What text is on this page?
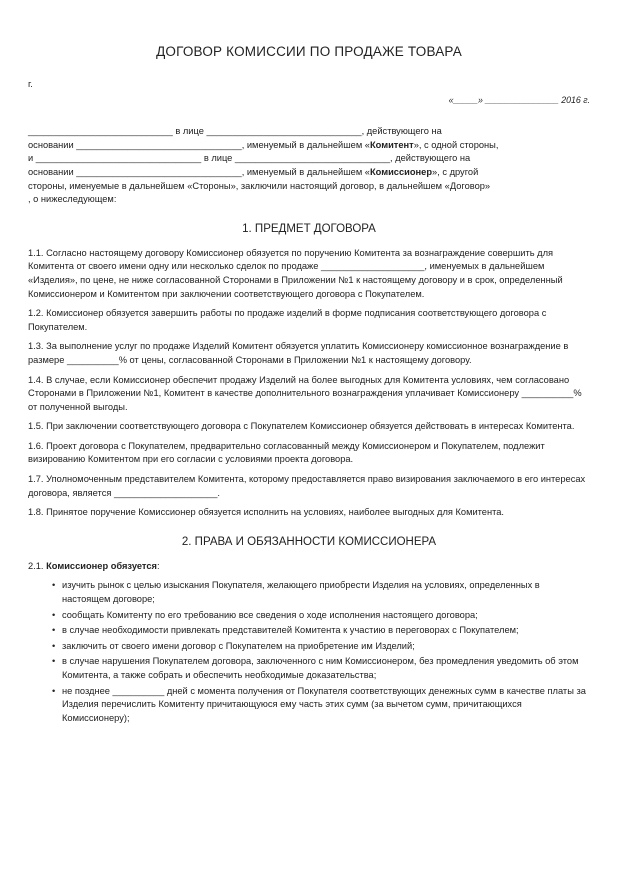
ДОГОВОР КОМИССИИ ПО ПРОДАЖЕ ТОВАРА
г.
«_____» _______________ 2016 г.

____________________________ в лице ______________________________, действующего на

основании ________________________________, именуемый в дальнейшем «Комитент», с одной стороны,

и ________________________________ в лице ______________________________, действующего на

основании ________________________________, именуемый в дальнейшем «Комиссионер», с другой

стороны, именуемые в дальнейшем «Стороны», заключили настоящий договор, в дальнейшем «Договор»

, о нижеследующем:

1. ПРЕДМЕТ ДОГОВОРА

1.1. Согласно настоящему договору Комиссионер обязуется по поручению Комитента за вознаграждение совершить для Комитента от своего имени одну или несколько сделок по продаже ____________________, именуемых в дальнейшем «Изделия», по цене, не ниже согласованной Сторонами в Приложении №1 к настоящему договору и в срок, определенный Комиссионером и Комитентом при заключении соответствующего договора с Покупателем.

1.2. Комиссионер обязуется завершить работы по продаже изделий в форме подписания соответствующего договора с Покупателем.

1.3. За выполнение услуг по продаже Изделий Комитент обязуется уплатить Комиссионеру комиссионное вознаграждение в размере __________% от цены, согласованной Сторонами в Приложении №1 к настоящему договору.

1.4. В случае, если Комиссионер обеспечит продажу Изделий на более выгодных для Комитента условиях, чем согласовано Сторонами в Приложении №1, Комитент в качестве дополнительного вознаграждения уплачивает Комиссионеру __________% от полученной выгоды.

1.5. При заключении соответствующего договора с Покупателем Комиссионер обязуется действовать в интересах Комитента.

1.6. Проект договора с Покупателем, предварительно согласованный между Комиссионером и Покупателем, подлежит визированию Комитентом при его согласии с условиями проекта договора.

1.7. Уполномоченным представителем Комитента, которому предоставляется право визирования заключаемого в его интересах договора, является ____________________.

1.8. Принятое поручение Комиссионер обязуется исполнить на условиях, наиболее выгодных для Комитента.

2. ПРАВА И ОБЯЗАННОСТИ КОМИССИОНЕРА

2.1. Комиссионер обязуется:

• изучить рынок с целью изыскания Покупателя, желающего приобрести Изделия на условиях, определенных в настоящем договоре;
• сообщать Комитенту по его требованию все сведения о ходе исполнения настоящего договора;
• в случае необходимости привлекать представителей Комитента к участию в переговорах с Покупателем;
• заключить от своего имени договор с Покупателем на приобретение им Изделий;
• в случае нарушения Покупателем договора, заключенного с ним Комиссионером, без промедления уведомить об этом Комитента, а также собрать и обеспечить необходимые доказательства;
• не позднее __________ дней с момента получения от Покупателя соответствующих денежных сумм в качестве платы за Изделия перечислить Комитенту причитающуюся ему часть этих сумм (за вычетом сумм, причитающихся Комиссионеру);
